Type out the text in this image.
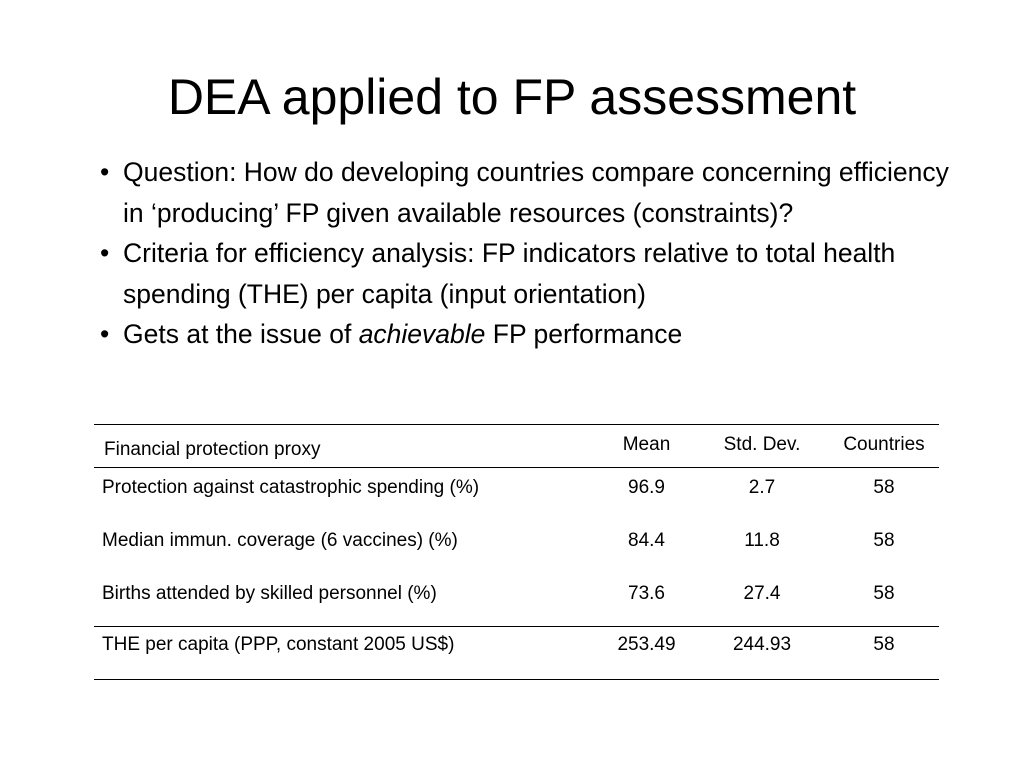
DEA applied to FP assessment
• Question: How do developing countries compare concerning efficiency in ‘producing’ FP given available resources (constraints)?
• Criteria for efficiency analysis: FP indicators relative to total health spending (THE) per capita (input orientation)
• Gets at the issue of achievable FP performance
Financial protection proxy	Mean	Std. Dev.	Countries
Protection against catastrophic spending (%)	96.9	2.7	58
Median immun. coverage (6 vaccines) (%)	84.4	11.8	58
Births attended by skilled personnel (%)	73.6	27.4	58
THE per capita (PPP, constant 2005 US$)	253.49	244.93	58
